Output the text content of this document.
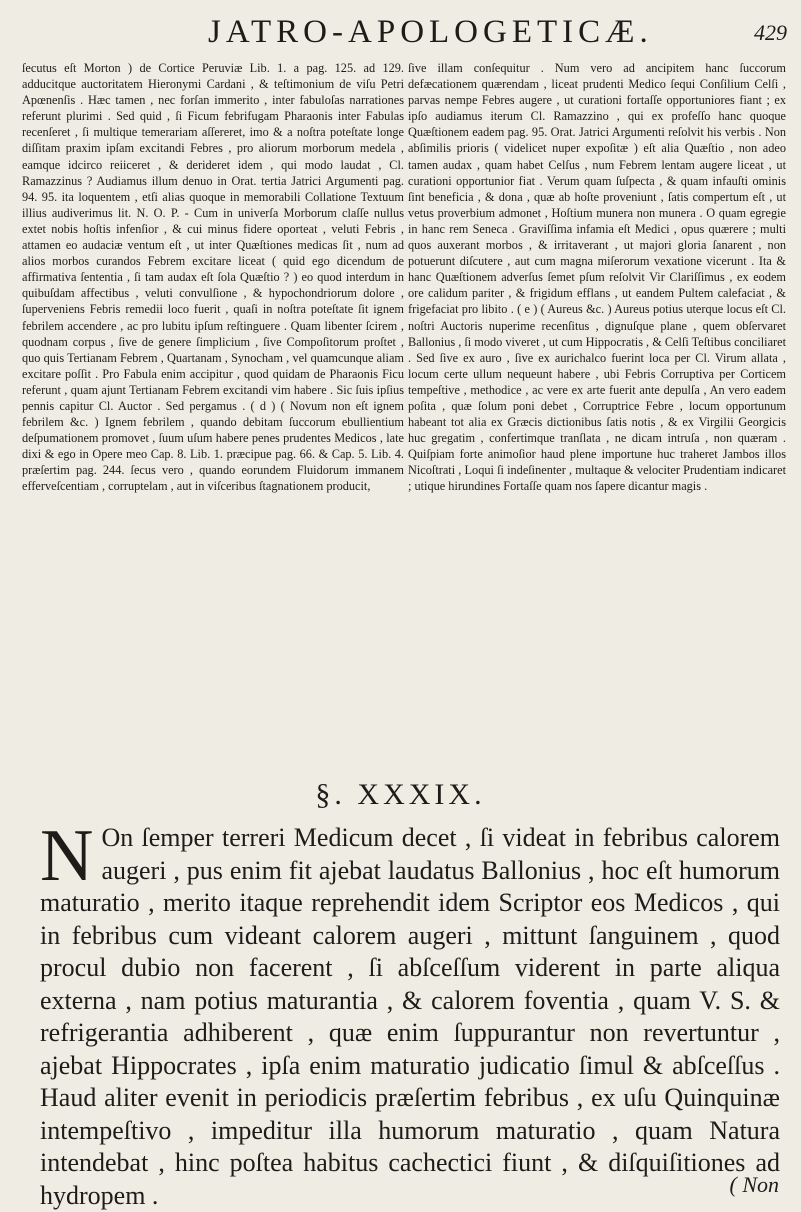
JATRO-APOLOGETICÆ.	429

ſecutus eſt Morton ) de Cortice Peruviæ Lib. 1. a pag. 125. ad 129. adducitque auctoritatem Hieronymi Cardani , & teſtimonium de viſu Petri Apœnenſis . Hæc tamen , nec forſan immerito , inter fabuloſas narrationes referunt plurimi . Sed quid , ſi Ficum febrifugam Pharaonis inter Fabulas recenſeret , ſi multique temerariam aſſereret, imo & a noſtra poteſtate longe diſſitam praxim ipſam excitandi Febres , pro aliorum morborum medela , eamque idcirco reiiceret , & derideret idem , qui modo laudat , Cl. Ramazzinus ? Audiamus illum denuo in Orat. tertia Jatrici Argumenti pag. 94. 95. ita loquentem , etſi alias quoque in memorabili Collatione Textuum illius audiverimus lit. N. O. P. - Cum in univerſa Morborum claſſe nullus extet nobis hoſtis infenſior , & cui minus fidere oporteat , veluti Febris , attamen eo audaciæ ventum eſt , ut inter Quæſtiones medicas ſit , num ad alios morbos curandos Febrem excitare liceat ( quid ego dicendum de affirmativa ſententia , ſi tam audax eſt ſola Quæſtio ? ) eo quod interdum in quibuſdam affectibus , veluti convulſione , & hypochondriorum dolore , ſuperveniens Febris remedii loco fuerit , quaſi in noſtra poteſtate ſit ignem febrilem accendere , ac pro lubitu ipſum reſtinguere . Quam libenter ſcirem , quodnam corpus , ſive de genere ſimplicium , ſive Compoſitorum proſtet , quo quis Tertianam Febrem , Quartanam , Synocham , vel quamcunque aliam excitare poſſit . Pro Fabula enim accipitur , quod quidam de Pharaonis Ficu referunt , quam ajunt Tertianam Febrem excitandi vim habere . Sic ſuis ipſius pennis capitur Cl. Auctor . Sed pergamus . ( d ) ( Novum non eſt ignem febrilem &c. ) Ignem febrilem , quando debitam ſuccorum ebullientium deſpumationem promovet , ſuum uſum habere penes prudentes Medicos , late dixi & ego in Opere meo Cap. 8. Lib. 1. præcipue pag. 66. & Cap. 5. Lib. 4. præſertim pag. 244. ſecus vero , quando eorundem Fluidorum immanem efferveſcentiam , corruptelam , aut in viſceribus ſtagnationem producit,

ſive illam conſequitur . Num vero ad ancipitem hanc ſuccorum defæcationem quærendam , liceat prudenti Medico ſequi Conſilium Celſi , parvas nempe Febres augere , ut curationi fortaſſe opportuniores fiant ; ex ipſo audiamus iterum Cl. Ramazzino , qui ex profeſſo hanc quoque Quæſtionem eadem pag. 95. Orat. Jatrici Argumenti reſolvit his verbis . Non abſimilis prioris ( videlicet nuper expoſitæ ) eſt alia Quæſtio , non adeo tamen audax , quam habet Celſus , num Febrem lentam augere liceat , ut curationi opportunior fiat . Verum quam ſuſpecta , & quam infauſti ominis ſint beneficia , & dona , quæ ab hoſte proveniunt , ſatis compertum eſt , ut vetus proverbium admonet , Hoſtium munera non munera . O quam egregie in hanc rem Seneca . Graviſſima infamia eſt Medici , opus quærere ; multi quos auxerant morbos , & irritaverant , ut majori gloria ſanarent , non potuerunt diſcutere , aut cum magna miſerorum vexatione vicerunt . Ita & hanc Quæſtionem adverſus ſemet pſum reſolvit Vir Clariſſimus , ex eodem ore calidum pariter , & frigidum efflans , ut eandem Pultem calefaciat , & frigefaciat pro libito . ( e ) ( Aureus &c. ) Aureus potius uterque locus eſt Cl. noſtri Auctoris nuperime recenſitus , dignuſque plane , quem obſervaret Ballonius , ſi modo viveret , ut cum Hippocratis , & Celſi Teſtibus conciliaret . Sed ſive ex auro , ſive ex aurichalco fuerint loca per Cl. Virum allata , locum certe ullum nequeunt habere , ubi Febris Corruptiva per Corticem tempeſtive , methodice , ac vere ex arte fuerit ante depulſa , An vero eadem poſita , quæ ſolum poni debet , Corruptrice Febre , locum opportunum habeant tot alia ex Græcis dictionibus ſatis notis , & ex Virgilii Georgicis huc gregatim , confertimque tranſlata , ne dicam intruſa , non quæram . Quiſpiam forte animoſior haud plene importune huc traheret Jambos illos Nicoſtrati , Loqui ſi indeſinenter , multaque & velociter Prudentiam indicaret ; utique hirundines Fortaſſe quam nos ſapere dicantur magis .

§. XXXIX.
N On ſemper terreri Medicum decet , ſi videat in febribus calorem augeri , pus enim fit ajebat laudatus Ballonius , hoc eſt humorum maturatio , merito itaque reprehendit idem Scriptor eos Medicos , qui in febribus cum videant calorem augeri , mittunt ſanguinem , quod procul dubio non facerent , ſi abſceſſum viderent in parte aliqua externa , nam potius maturantia , & calorem foventia , quam V. S. & refrigerantia adhiberent , quæ enim ſuppurantur non revertuntur , ajebat Hippocrates , ipſa enim maturatio judicatio ſimul & abſceſſus . Haud aliter evenit in periodicis præſertim febribus , ex uſu Quinquinæ intempeſtivo , impeditur illa humorum maturatio , quam Natura intendebat , hinc poſtea habitus cachectici fiunt , & diſquiſitiones ad hydropem .	( Non
